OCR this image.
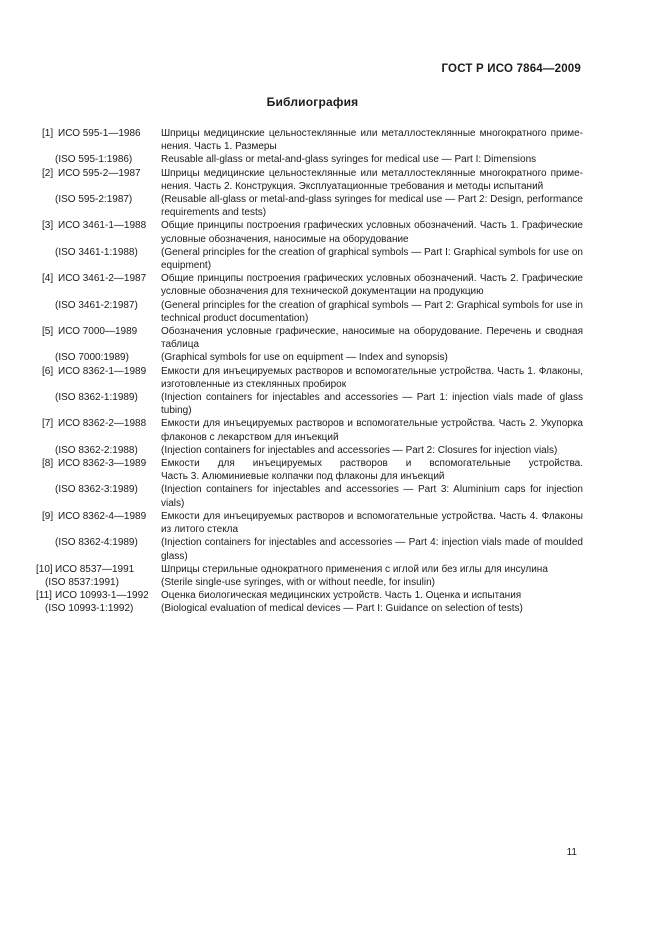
ГОСТ Р ИСО 7864—2009
Библиография
[1] ИСО 595-1—1986 Шприцы медицинские цельностеклянные или металлостеклянные многократного применения. Часть 1. Размеры
(ISO 595-1:1986)	Reusable all-glass or metal-and-glass syringes for medical use — Part I: Dimensions
[2] ИСО 595-2—1987 Шприцы медицинские цельностеклянные или металлостеклянные многократного применения. Часть 2. Конструкция. Эксплуатационные требования и методы испытаний
(ISO 595-2:1987)	(Reusable all-glass or metal-and-glass syringes for medical use — Part 2: Design, performance requirements and tests)
[3] ИСО 3461-1—1988 Общие принципы построения графических условных обозначений. Часть 1. Графические условные обозначения, наносимые на оборудование
(ISO 3461-1:1988) (General principles for the creation of graphical symbols — Part I: Graphical symbols for use on equipment)
[4] ИСО 3461-2—1987 Общие принципы построения графических условных обозначений. Часть 2. Графические условные обозначения для технической документации на продукцию
(ISO 3461-2:1987) (General principles for the creation of graphical symbols — Part 2: Graphical symbols for use in technical product documentation)
[5] ИСО 7000—1989 Обозначения условные графические, наносимые на оборудование. Перечень и сводная таблица
(ISO 7000:1989)	(Graphical symbols for use on equipment — Index and synopsis)
[6] ИСО 8362-1—1989 Емкости для инъецируемых растворов и вспомогательные устройства. Часть 1. Флаконы, изготовленные из стеклянных пробирок
(ISO 8362-1:1989) (Injection containers for injectables and accessories — Part 1: injection vials made of glass tubing)
[7] ИСО 8362-2—1988 Емкости для инъецируемых растворов и вспомогательные устройства. Часть 2. Укупорка флаконов с лекарством для инъекций
(ISO 8362-2:1988) (Injection containers for injectables and accessories — Part 2: Closures for injection vials)
[8] ИСО 8362-3—1989 Емкости для инъецируемых растворов и вспомогательные устройства. Часть 3. Алюминиевые колпачки под флаконы для инъекций
(ISO 8362-3:1989) (Injection containers for injectables and accessories — Part 3: Aluminium caps for injection vials)
[9] ИСО 8362-4—1989 Емкости для инъецируемых растворов и вспомогательные устройства. Часть 4. Флаконы из литого стекла
(ISO 8362-4:1989) (Injection containers for injectables and accessories — Part 4: injection vials made of moulded glass)
[10] ИСО 8537—1991	Шприцы стерильные однократного применения с иглой или без иглы для инсулина
(ISO 8537:1991)	(Sterile single-use syringes, with or without needle, for insulin)
[11] ИСО 10993-1—1992 Оценка биологическая медицинских устройств. Часть 1. Оценка и испытания
(ISO 10993-1:1992)	(Biological evaluation of medical devices — Part I: Guidance on selection of tests)
11
